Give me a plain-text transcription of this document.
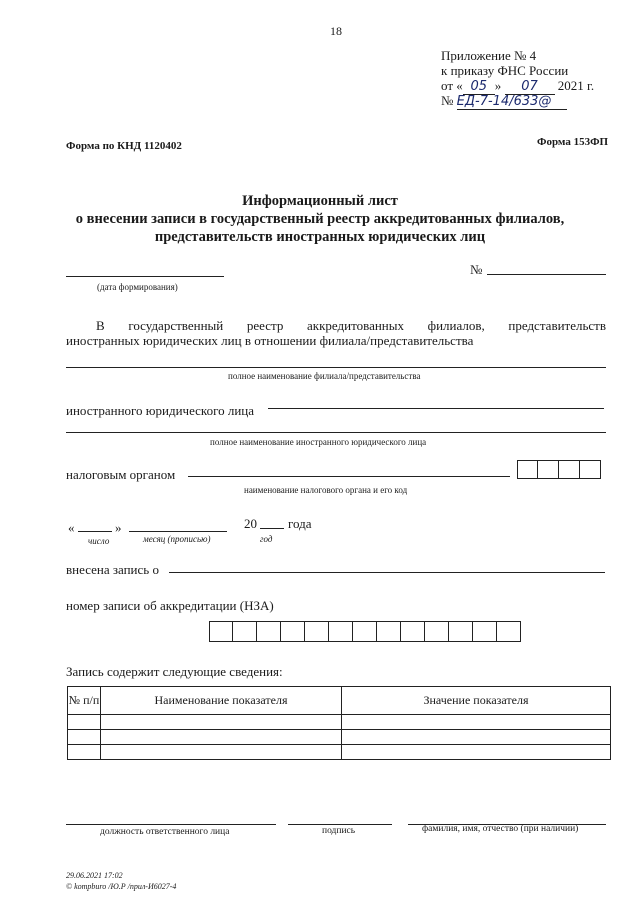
18
Приложение № 4
к приказу ФНС России
от « 05 » 07 2021 г.
№ ЕД-7-14/633@
Форма по КНД 1120402	Форма 153ФП
Информационный лист
о внесении записи в государственный реестр аккредитованных филиалов,
представительств иностранных юридических лиц
(дата формирования)
№
В государственный реестр аккредитованных филиалов, представительств
иностранных юридических лиц в отношении филиала/представительства
полное наименование филиала/представительства
иностранного юридического лица
полное наименование иностранного юридического лица
налоговым органом
наименование налогового органа и его код
«	»	20 года
число	месяц (прописью)	год
внесена запись о
номер записи об аккредитации (НЗА)
Запись содержит следующие сведения:
№ п/п	Наименование показателя	Значение показателя

должность ответственного лица	подпись	фамилия, имя, отчество (при наличии)
29.06.2021 17:02
© kompburo /Ю.Р /прил-И6027-4
